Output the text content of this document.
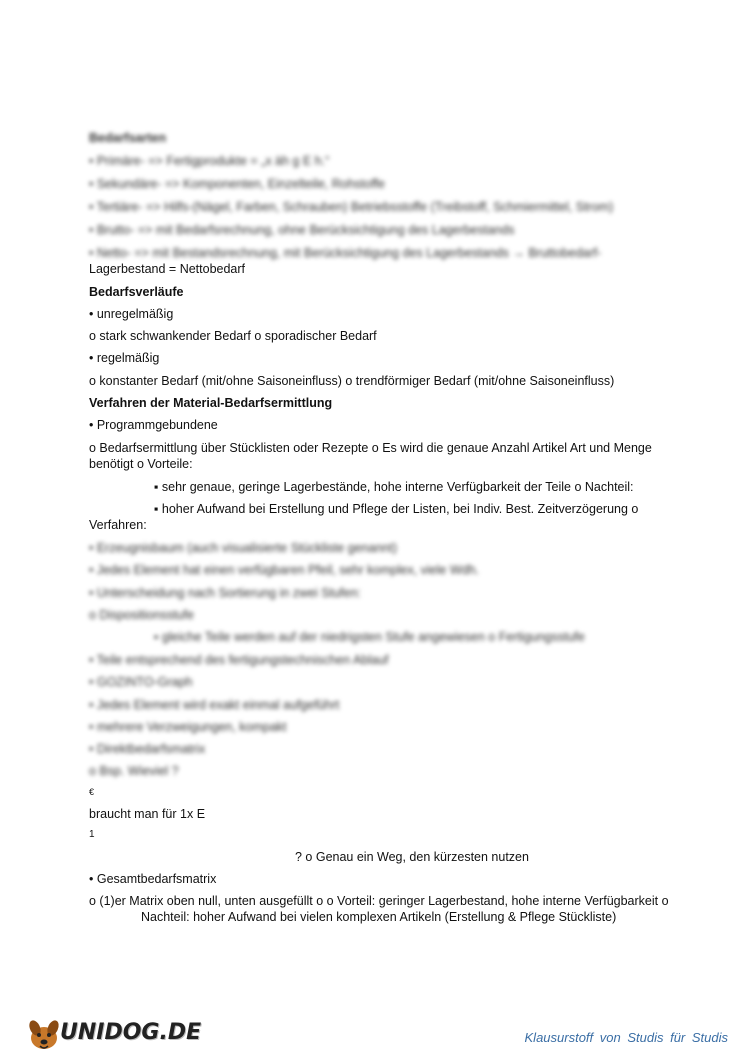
Bedarfsarten
• Primäre- => Fertigprodukte = „x äh g E h.“
• Sekundäre- => Komponenten, Einzelteile, Rohstoffe
• Tertiäre- => Hilfs-(Nägel, Farben, Schrauben) Betriebsstoffe (Treibstoff, Schmiermittel, Strom)
• Brutto- => mit Bedarfsrechnung, ohne Berücksichtigung des Lagerbestands
• Netto- => mit Bestandsrechnung, mit Berücksichtigung des Lagerbestands → Bruttobedarf-
Lagerbestand = Nettobedarf
Bedarfsverläufe
• unregelmäßig
o stark schwankender Bedarf o sporadischer Bedarf
• regelmäßig
o konstanter Bedarf (mit/ohne Saisoneinfluss) o trendförmiger Bedarf (mit/ohne Saisoneinfluss)
Verfahren der Material-Bedarfsermittlung
• Programmgebundene
o Bedarfsermittlung über Stücklisten oder Rezepte o Es wird die genaue Anzahl Artikel Art und Menge
benötigt o Vorteile:
▪ sehr genaue, geringe Lagerbestände, hohe interne Verfügbarkeit der Teile o Nachteil:
▪ hoher Aufwand bei Erstellung und Pflege der Listen, bei Indiv. Best. Zeitverzögerung o
Verfahren:
• Erzeugnisbaum (auch visualisierte Stückliste genannt)
• Jedes Element hat einen verfügbaren Pfeil, sehr komplex, viele Wdh.
• Unterscheidung nach Sortierung in zwei Stufen:
o Dispositionsstufe
▪ gleiche Teile werden auf der niedrigsten Stufe angewiesen o Fertigungsstufe
• Teile entsprechend des fertigungstechnischen Ablauf
• GOZINTO-Graph
• Jedes Element wird exakt einmal aufgeführt
• mehrere Verzweigungen, kompakt
• Direktbedarfsmatrix
o Bsp. Wieviel ?
€
braucht man für 1x E
1
? o Genau ein Weg, den kürzesten nutzen
• Gesamtbedarfsmatrix
o (1)er Matrix oben null, unten ausgefüllt o o Vorteil: geringer Lagerbestand, hohe interne Verfügbarkeit o
Nachteil: hoher Aufwand bei vielen komplexen Artikeln (Erstellung & Pflege Stückliste)
UNIDOG.DE	Klausurstoff von Studis für Studis
